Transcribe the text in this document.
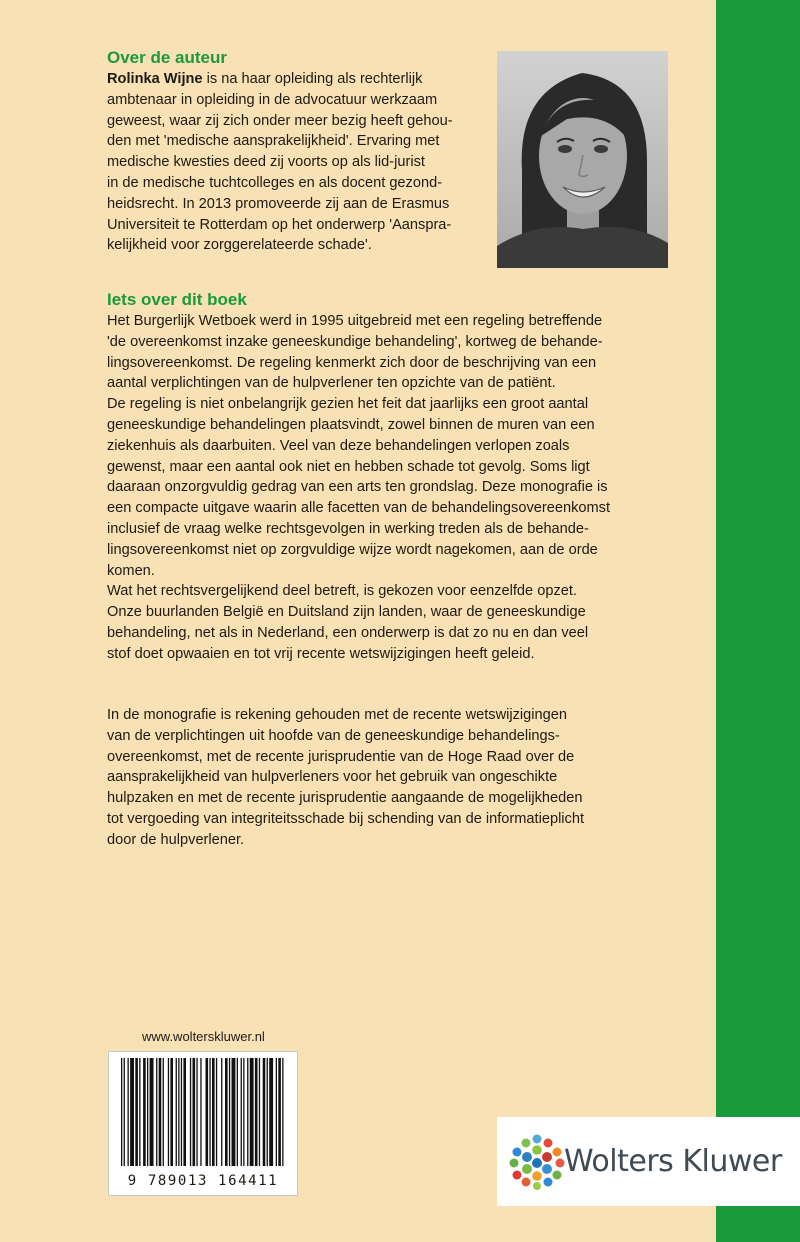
Over de auteur

Rolinka Wijne is na haar opleiding als rechterlijk

ambtenaar in opleiding in de advocatuur werkzaam

geweest, waar zij zich onder meer bezig heeft gehou-

den met 'medische aansprakelijkheid'. Ervaring met

medische kwesties deed zij voorts op als lid-jurist

in de medische tuchtcolleges en als docent gezond-

heidsrecht. In 2013 promoveerde zij aan de Erasmus

Universiteit te Rotterdam op het onderwerp 'Aanspra-

kelijkheid voor zorggerelateerde schade'.

Iets over dit boek

Het Burgerlijk Wetboek werd in 1995 uitgebreid met een regeling betreffende

'de overeenkomst inzake geneeskundige behandeling', kortweg de behande-

lingsovereenkomst. De regeling kenmerkt zich door de beschrijving van een

aantal verplichtingen van de hulpverlener ten opzichte van de patiënt.

De regeling is niet onbelangrijk gezien het feit dat jaarlijks een groot aantal

geneeskundige behandelingen plaatsvindt, zowel binnen de muren van een

ziekenhuis als daarbuiten. Veel van deze behandelingen verlopen zoals

gewenst, maar een aantal ook niet en hebben schade tot gevolg. Soms ligt

daaraan onzorgvuldig gedrag van een arts ten grondslag. Deze monografie is

een compacte uitgave waarin alle facetten van de behandelingsovereenkomst

inclusief de vraag welke rechtsgevolgen in werking treden als de behande-

lingsovereenkomst niet op zorgvuldige wijze wordt nagekomen, aan de orde

komen.

Wat het rechtsvergelijkend deel betreft, is gekozen voor eenzelfde opzet.

Onze buurlanden België en Duitsland zijn landen, waar de geneeskundige

behandeling, net als in Nederland, een onderwerp is dat zo nu en dan veel

stof doet opwaaien en tot vrij recente wetswijzigingen heeft geleid.

In de monografie is rekening gehouden met de recente wetswijzigingen

van de verplichtingen uit hoofde van de geneeskundige behandelings-

overeenkomst, met de recente jurisprudentie van de Hoge Raad over de

aansprakelijkheid van hulpverleners voor het gebruik van ongeschikte

hulpzaken en met de recente jurisprudentie aangaande de mogelijkheden

tot vergoeding van integriteitsschade bij schending van de informatieplicht

door de hulpverlener.

www.wolterskluwer.nl
9 789013 164411
Wolters Kluwer
